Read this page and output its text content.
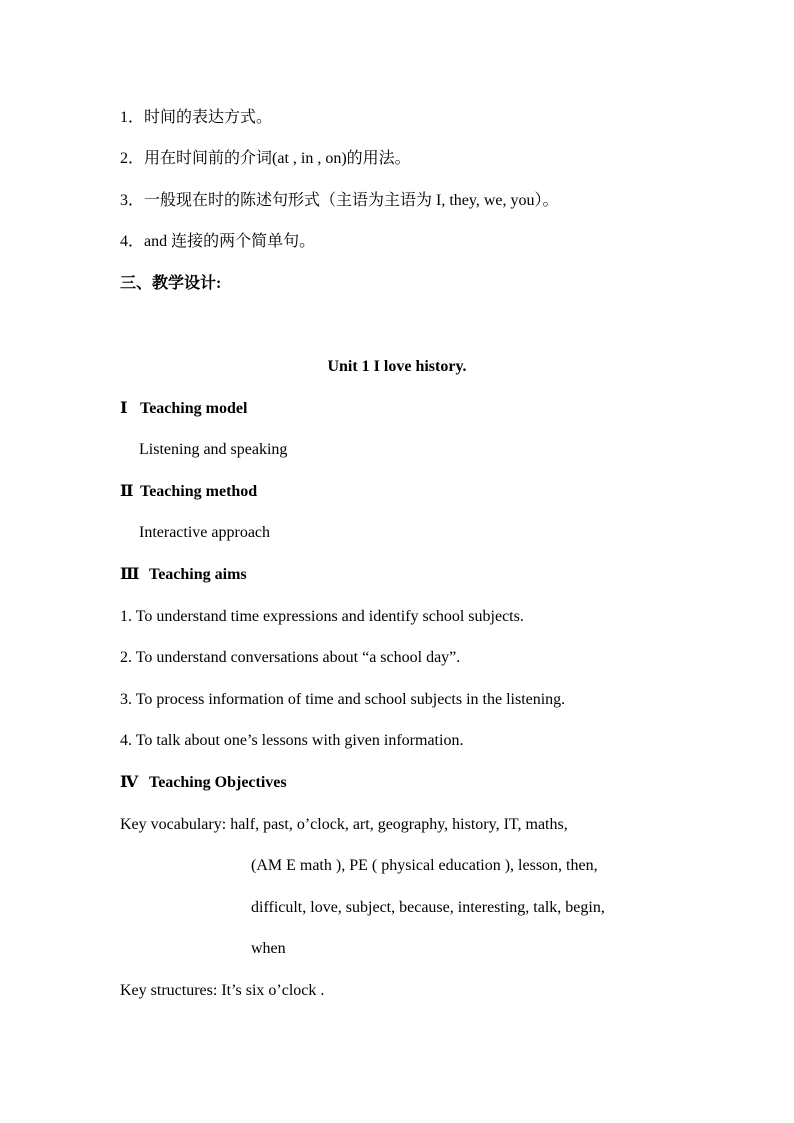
1．时间的表达方式。
2．用在时间前的介词(at , in , on)的用法。
3．一般现在时的陈述句形式（主语为主语为 I, they, we, you）。
4．and 连接的两个简单句。
三、教学设计:
Unit 1 I love history.
Ⅰ Teaching model
Listening and speaking
Ⅱ Teaching method
Interactive approach
Ⅲ Teaching aims
1. To understand time expressions and identify school subjects.
2. To understand conversations about “a school day”.
3. To process information of time and school subjects in the listening.
4. To talk about one’s lessons with given information.
Ⅳ Teaching Objectives
Key vocabulary: half, past, o’clock, art, geography, history, IT, maths,
(AM E math ), PE ( physical education ), lesson, then,
difficult, love, subject, because, interesting, talk, begin,
when
Key structures: It’s six o’clock .
